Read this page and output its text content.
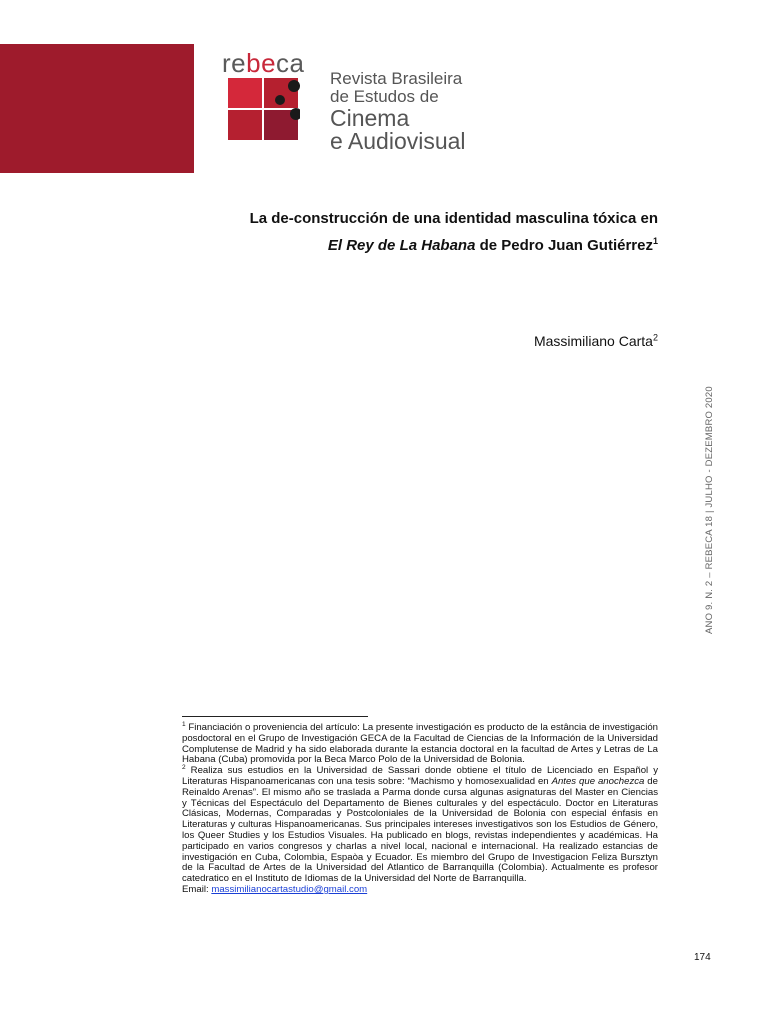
rebeca
Revista Brasileira
de Estudos de
Cinema
e Audiovisual
La de-construcción de una identidad masculina tóxica en
El Rey de La Habana de Pedro Juan Gutiérrez$^1$
Massimiliano Carta$^2$
ANO 9. N. 2 – REBECA 18 | JULHO - DEZEMBRO 2020

$^1$ Financiación o proveniencia del artículo: La presente investigación es producto de la estância de investigación posdoctoral en el Grupo de Investigación GECA de la Facultad de Ciencias de la Información de la Universidad Complutense de Madrid y ha sido elaborada durante la estancia doctoral en la facultad de Artes y Letras de La Habana (Cuba) promovida por la Beca Marco Polo de la Universidad de Bolonia.

$^2$ Realiza sus estudios en la Universidad de Sassari donde obtiene el título de Licenciado en Español y Literaturas Hispanoamericanas con una tesis sobre: “Machismo y homosexualidad en Antes que anochezca de Reinaldo Arenas”. El mismo año se traslada a Parma donde cursa algunas asignaturas del Master en Ciencias y Técnicas del Espectáculo del Departamento de Bienes culturales y del espectáculo. Doctor en Literaturas Clásicas, Modernas, Comparadas y Postcoloniales de la Universidad de Bolonia con especial énfasis en Literaturas y culturas Hispanoamericanas. Sus principales intereses investigativos son los Estudios de Género, los Queer Studies y los Estudios Visuales. Ha publicado en blogs, revistas independientes y académicas. Ha participado en varios congresos y charlas a nivel local, nacional e internacional. Ha realizado estancias de investigación en Cuba, Colombia, Espaòa y Ecuador. Es miembro del Grupo de Investigacion Feliza Bursztyn de la Facultad de Artes de la Universidad del Atlantico de Barranquilla (Colombia). Actualmente es profesor catedratico en el Instituto de Idiomas de la Universidad del Norte de Barranquilla.

Email: massimilianocartastudio@gmail.com

174
